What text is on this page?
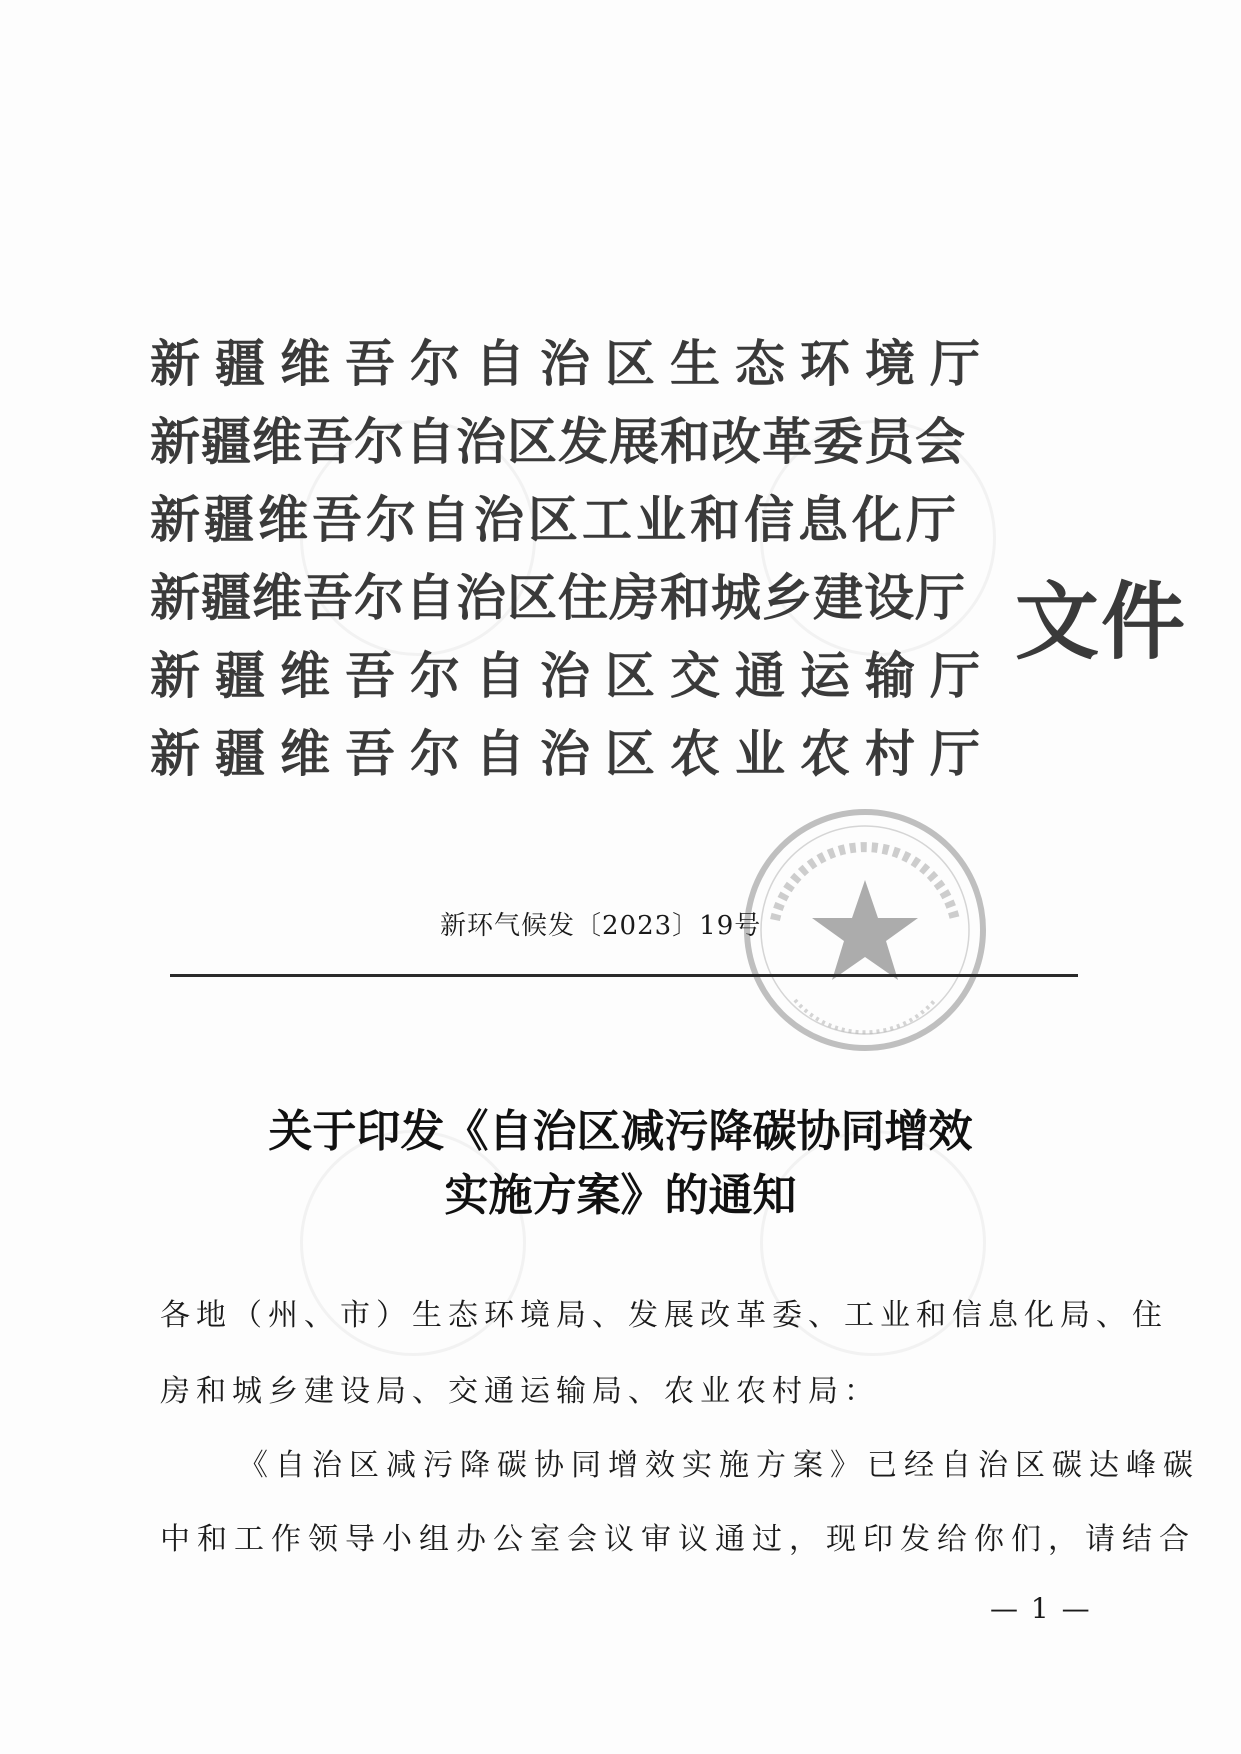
新疆维吾尔自治区生态环境厅
新疆维吾尔自治区发展和改革委员会
新疆维吾尔自治区工业和信息化厅
新疆维吾尔自治区住房和城乡建设厅
新疆维吾尔自治区交通运输厅
新疆维吾尔自治区农业农村厅
文件
新环气候发〔2023〕19号
关于印发《自治区减污降碳协同增效
实施方案》的通知
各地（州、市）生态环境局、发展改革委、工业和信息化局、住
房和城乡建设局、交通运输局、农业农村局：
《自治区减污降碳协同增效实施方案》已经自治区碳达峰碳
中和工作领导小组办公室会议审议通过，现印发给你们，请结合
— 1 —
